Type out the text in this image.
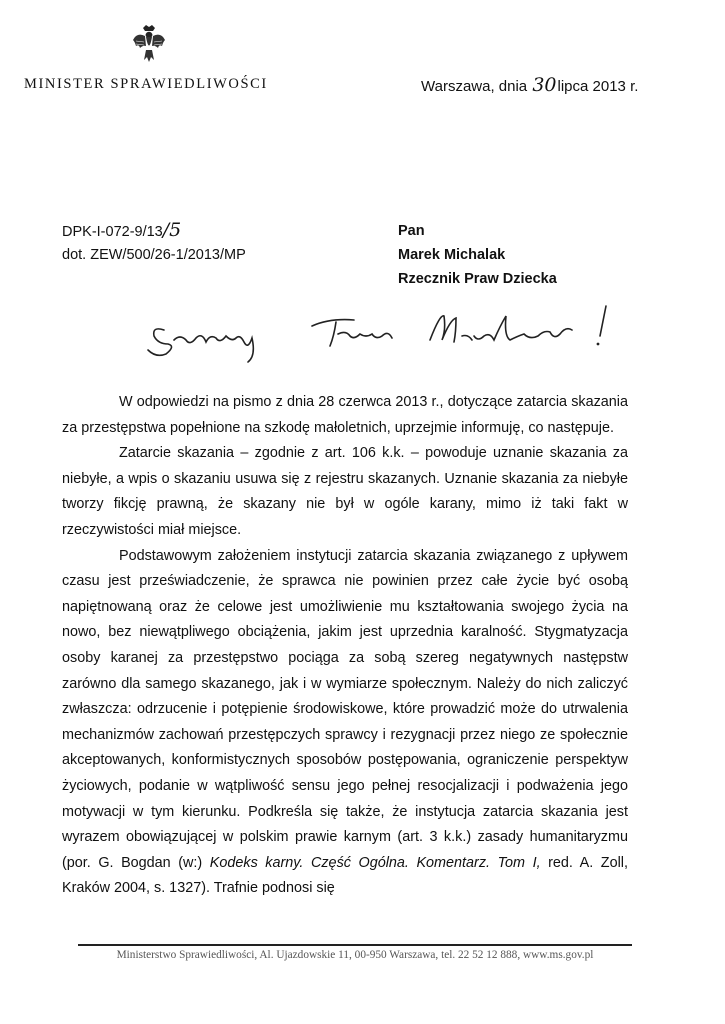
MINISTER SPRAWIEDLIWOŚCI	Warszawa, dnia 30lipca 2013 r.
DPK-I-072-9/13/5
dot. ZEW/500/26-1/2013/MP
Pan
Marek Michalak
Rzecznik Praw Dziecka

W odpowiedzi na pismo z dnia 28 czerwca 2013 r., dotyczące zatarcia skazania za przestępstwa popełnione na szkodę małoletnich, uprzejmie informuję, co następuje.

Zatarcie skazania – zgodnie z art. 106 k.k. – powoduje uznanie skazania za niebyłe, a wpis o skazaniu usuwa się z rejestru skazanych. Uznanie skazania za niebyłe tworzy fikcję prawną, że skazany nie był w ogóle karany, mimo iż taki fakt w rzeczywistości miał miejsce.

Podstawowym założeniem instytucji zatarcia skazania związanego z upływem czasu jest przeświadczenie, że sprawca nie powinien przez całe życie być osobą napiętnowaną oraz że celowe jest umożliwienie mu kształtowania swojego życia na nowo, bez niewątpliwego obciążenia, jakim jest uprzednia karalność. Stygmatyzacja osoby karanej za przestępstwo pociąga za sobą szereg negatywnych następstw zarówno dla samego skazanego, jak i w wymiarze społecznym. Należy do nich zaliczyć zwłaszcza: odrzucenie i potępienie środowiskowe, które prowadzić może do utrwalenia mechanizmów zachowań przestępczych sprawcy i rezygnacji przez niego ze społecznie akceptowanych, konformistycznych sposobów postępowania, ograniczenie perspektyw życiowych, podanie w wątpliwość sensu jego pełnej resocjalizacji i podważenia jego motywacji w tym kierunku. Podkreśla się także, że instytucja zatarcia skazania jest wyrazem obowiązującej w polskim prawie karnym (art. 3 k.k.) zasady humanitaryzmu (por. G. Bogdan (w:) Kodeks karny. Część Ogólna. Komentarz. Tom I, red. A. Zoll, Kraków 2004, s. 1327). Trafnie podnosi się

Ministerstwo Sprawiedliwości, Al. Ujazdowskie 11, 00-950 Warszawa, tel. 22 52 12 888, www.ms.gov.pl
